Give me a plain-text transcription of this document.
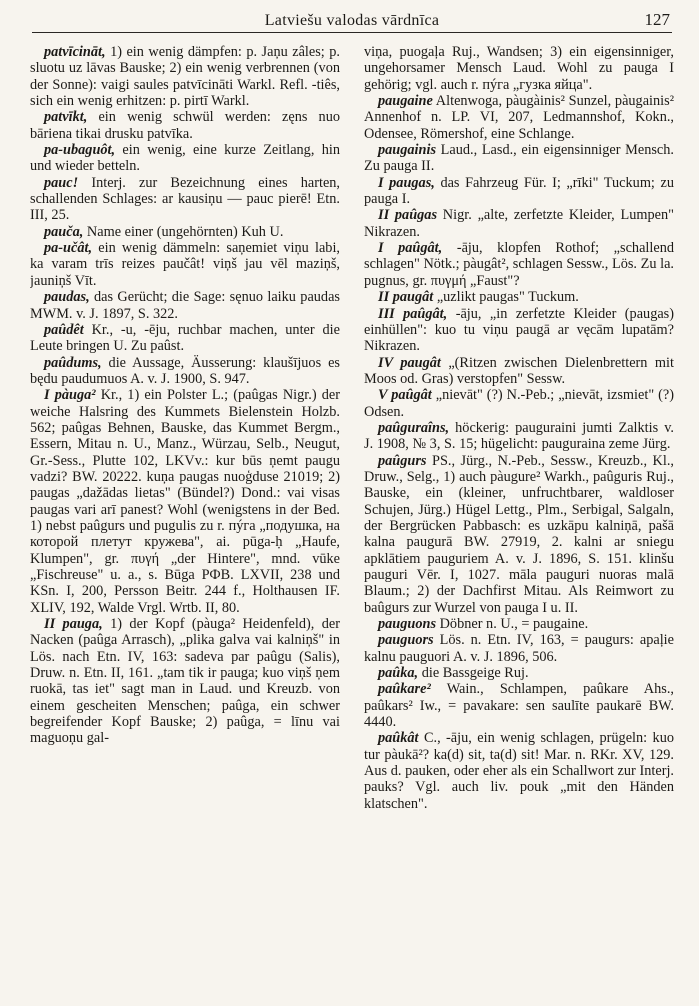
Latviešu valodas vārdnīca	127

patvīcināt, 1) ein wenig dämpfen: p. Jaņu zâles; p. sluotu uz lāvas Bauske; 2) ein wenig verbrennen (von der Sonne): vaigi saules patvīcināti Warkl. Refl. -tiês, sich ein wenig erhitzen: p. pirtī Warkl.

patvīkt, ein wenig schwül werden: zęns nuo bāriena tikai drusku patvīka.

pa-ubaguôt, ein wenig, eine kurze Zeitlang, hin und wieder betteln.

pauc! Interj. zur Bezeichnung eines harten, schallenden Schlages: ar kausiņu — pauc pierē! Etn. III, 25.

pauča, Name einer (ungehörnten) Kuh U.

pa-učât, ein wenig dämmeln: saņemiet viņu labi, ka varam trīs reizes paučât! viņš jau vēl maziņš, jauniņš Vīt.

paudas, das Gerücht; die Sage: sęnuo laiku paudas MWM. v. J. 1897, S. 322.

paûdêt Kr., -u, -ēju, ruchbar machen, unter die Leute bringen U. Zu paûst.

paûdums, die Aussage, Äusserung: klaušījuos es będu paudumuos A. v. J. 1900, S. 947.

I pàuga² Kr., 1) ein Polster L.; (paûgas Nigr.) der weiche Halsring des Kummets Bielenstein Holzb. 562; paûgas Behnen, Bauske, das Kummet Bergm., Essern, Mitau n. U., Manz., Würzau, Selb., Neugut, Gr.-Sess., Plutte 102, LKVv.: kur būs ņemt paugu vadzi? BW. 20222. kuņa paugas nuoģduse 21019; 2) paugas „dažādas lietas" (Bündel?) Dond.: vai visas paugas vari arī panest? Wohl (wenigstens in der Bed. 1) nebst paûgurs und pugulis zu r. пýга „подушка, на которой плетут кружева", ai. pūga-ḥ „Haufe, Klumpen", gr. πυγή „der Hintere", mnd. vūke „Fischreuse" u. a., s. Būga РФВ. LXVII, 238 und KSn. I, 200, Persson Beitr. 244 f., Holthausen IF. XLIV, 192, Walde Vrgl. Wrtb. II, 80.

II pauga, 1) der Kopf (pàuga² Heidenfeld), der Nacken (paûga Arrasch), „plika galva vai kalniņš" in Lös. nach Etn. IV, 163: sadeva par paûgu (Salis), Druw. n. Etn. II, 161. „tam tik ir pauga; kuo viņš ņem ruokā, tas iet" sagt man in Laud. und Kreuzb. von einem gescheiten Menschen; paûga, ein schwer begreifender Kopf Bauske; 2) paûga, = līnu vai maguoņu gal-

viņa, puogaļa Ruj., Wandsen; 3) ein eigensinniger, ungehorsamer Mensch Laud. Wohl zu pauga I gehörig; vgl. auch r. пýга „гузка яйца".

paugaine Altenwoga, pàugàinis² Sunzel, pàugainis² Annenhof n. LP. VI, 207, Ledmannshof, Kokn., Odensee, Römershof, eine Schlange.

paugainis Laud., Lasd., ein eigensinniger Mensch. Zu pauga II.

I paugas, das Fahrzeug Für. I; „rīki" Tuckum; zu pauga I.

II paûgas Nigr. „alte, zerfetzte Kleider, Lumpen" Nikrazen.

I paûgât, -āju, klopfen Rothof; „schallend schlagen" Nötk.; pàugât², schlagen Sessw., Lös. Zu la. pugnus, gr. πυγμή „Faust"?

II paugât „uzlikt paugas" Tuckum.

III paûgât, -āju, „in zerfetzte Kleider (paugas) einhüllen": kuo tu viņu paugā ar vęcām lupatām? Nikrazen.

IV paugât „(Ritzen zwischen Dielenbrettern mit Moos od. Gras) verstopfen" Sessw.

V paûgât „nievāt" (?) N.-Peb.; „nievāt, izsmiet" (?) Odsen.

paûguraîns, höckerig: pauguraini jumti Zalktis v. J. 1908, № 3, S. 15; hügelicht: pauguraina zeme Jürg.

paûgurs PS., Jürg., N.-Peb., Sessw., Kreuzb., Kl., Druw., Selg., 1) auch pàugure² Warkh., paûguris Ruj., Bauske, ein (kleiner, unfruchtbarer, waldloser Schujen, Jürg.) Hügel Lettg., Plm., Serbigal, Salgaln, der Bergrücken Pabbasch: es uzkāpu kalniņā, pašā kalna paugurā BW. 27919, 2. kalni ar sniegu apklātiem pauguriem A. v. J. 1896, S. 151. klinšu pauguri Vēr. I, 1027. māla pauguri nuoras malā Blaum.; 2) der Dachfirst Mitau. Als Reimwort zu baûgurs zur Wurzel von pauga I u. II.

pauguons Döbner n. U., = paugaine.

pauguors Lös. n. Etn. IV, 163, = paugurs: apaļie kalnu pauguori A. v. J. 1896, 506.

paûka, die Bassgeige Ruj.

paûkare² Wain., Schlampen, paûkare Ahs., paûkars² Iw., = pavakare: sen saulīte paukarē BW. 4440.

paûkât C., -āju, ein wenig schlagen, prügeln: kuo tur pàukā²? ka(d) sit, ta(d) sit! Mar. n. RKr. XV, 129. Aus d. pauken, oder eher als ein Schallwort zur Interj. pauks? Vgl. auch liv. pouk „mit den Händen klatschen".
